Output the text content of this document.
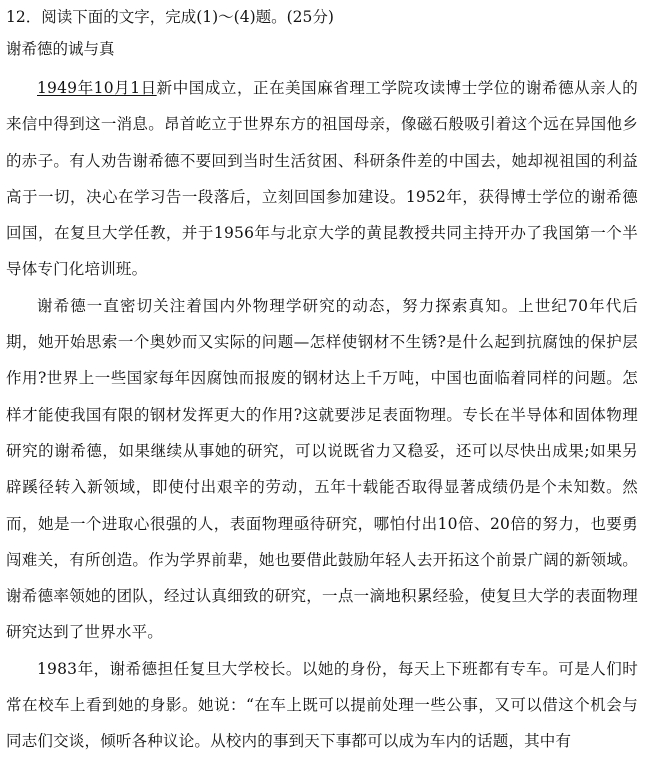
12．阅读下面的文字，完成(1)～(4)题。(25分)
谢希德的诚与真

1949年10月1日新中国成立，正在美国麻省理工学院攻读博士学位的谢希德从亲人的来信中得到这一消息。昂首屹立于世界东方的祖国母亲，像磁石般吸引着这个远在异国他乡的赤子。有人劝告谢希德不要回到当时生活贫困、科研条件差的中国去，她却视祖国的利益高于一切，决心在学习告一段落后，立刻回国参加建设。1952年，获得博士学位的谢希德回国，在复旦大学任教，并于1956年与北京大学的黄昆教授共同主持开办了我国第一个半导体专门化培训班。

谢希德一直密切关注着国内外物理学研究的动态，努力探索真知。上世纪70年代后期，她开始思索一个奥妙而又实际的问题—怎样使钢材不生锈?是什么起到抗腐蚀的保护层作用?世界上一些国家每年因腐蚀而报废的钢材达上千万吨，中国也面临着同样的问题。怎样才能使我国有限的钢材发挥更大的作用?这就要涉足表面物理。专长在半导体和固体物理研究的谢希德，如果继续从事她的研究，可以说既省力又稳妥，还可以尽快出成果;如果另辟蹊径转入新领域，即使付出艰辛的劳动，五年十载能否取得显著成绩仍是个未知数。然而，她是一个进取心很强的人，表面物理亟待研究，哪怕付出10倍、20倍的努力，也要勇闯难关，有所创造。作为学界前辈，她也要借此鼓励年轻人去开拓这个前景广阔的新领域。谢希德率领她的团队，经过认真细致的研究，一点一滴地积累经验，使复旦大学的表面物理研究达到了世界水平。

1983年，谢希德担任复旦大学校长。以她的身份，每天上下班都有专车。可是人们时常在校车上看到她的身影。她说：“在车上既可以提前处理一些公事，又可以借这个机会与同志们交谈，倾听各种议论。从校内的事到天下事都可以成为车内的话题，其中有
